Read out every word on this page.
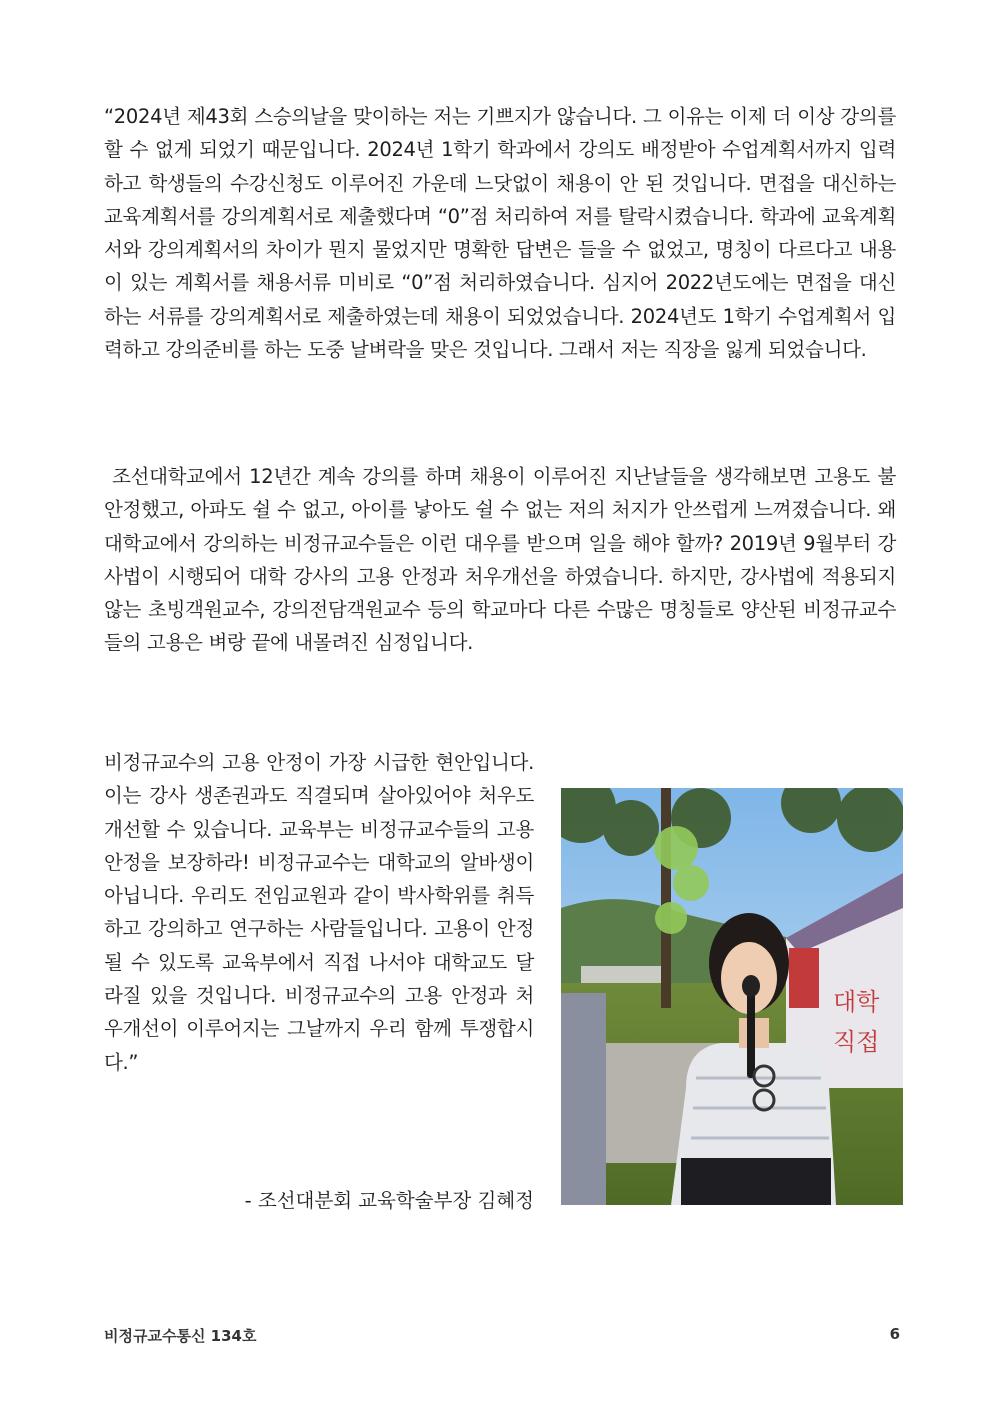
“2024년 제43회 스승의날을 맞이하는 저는 기쁘지가 않습니다. 그 이유는 이제 더 이상 강의를 할 수 없게 되었기 때문입니다. 2024년 1학기 학과에서 강의도 배정받아 수업계획서까지 입력하고 학생들의 수강신청도 이루어진 가운데 느닷없이 채용이 안 된 것입니다. 면접을 대신하는 교육계획서를 강의계획서로 제출했다며 “0”점 처리하여 저를 탈락시켰습니다. 학과에 교육계획서와 강의계획서의 차이가 뭔지 물었지만 명확한 답변은 들을 수 없었고, 명칭이 다르다고 내용이 있는 계획서를 채용서류 미비로 “0”점 처리하였습니다. 심지어 2022년도에는 면접을 대신하는 서류를 강의계획서로 제출하였는데 채용이 되었었습니다. 2024년도 1학기 수업계획서 입력하고 강의준비를 하는 도중 날벼락을 맞은 것입니다. 그래서 저는 직장을 잃게 되었습니다.

조선대학교에서 12년간 계속 강의를 하며 채용이 이루어진 지난날들을 생각해보면 고용도 불안정했고, 아파도 쉴 수 없고, 아이를 낳아도 쉴 수 없는 저의 처지가 안쓰럽게 느껴졌습니다. 왜 대학교에서 강의하는 비정규교수들은 이런 대우를 받으며 일을 해야 할까? 2019년 9월부터 강사법이 시행되어 대학 강사의 고용 안정과 처우개선을 하였습니다. 하지만, 강사법에 적용되지 않는 초빙객원교수, 강의전담객원교수 등의 학교마다 다른 수많은 명칭들로 양산된 비정규교수들의 고용은 벼랑 끝에 내몰려진 심정입니다.

비정규교수의 고용 안정이 가장 시급한 현안입니다. 이는 강사 생존권과도 직결되며 살아있어야 처우도 개선할 수 있습니다. 교육부는 비정규교수들의 고용 안정을 보장하라! 비정규교수는 대학교의 알바생이 아닙니다. 우리도 전임교원과 같이 박사학위를 취득하고 강의하고 연구하는 사람들입니다. 고용이 안정될 수 있도록 교육부에서 직접 나서야 대학교도 달라질 있을 것입니다. 비정규교수의 고용 안정과 처우개선이 이루어지는 그날까지 우리 함께 투쟁합시다.”

- 조선대분회 교육학술부장 김혜정

대학
직접
비정규교수통신 134호	6
